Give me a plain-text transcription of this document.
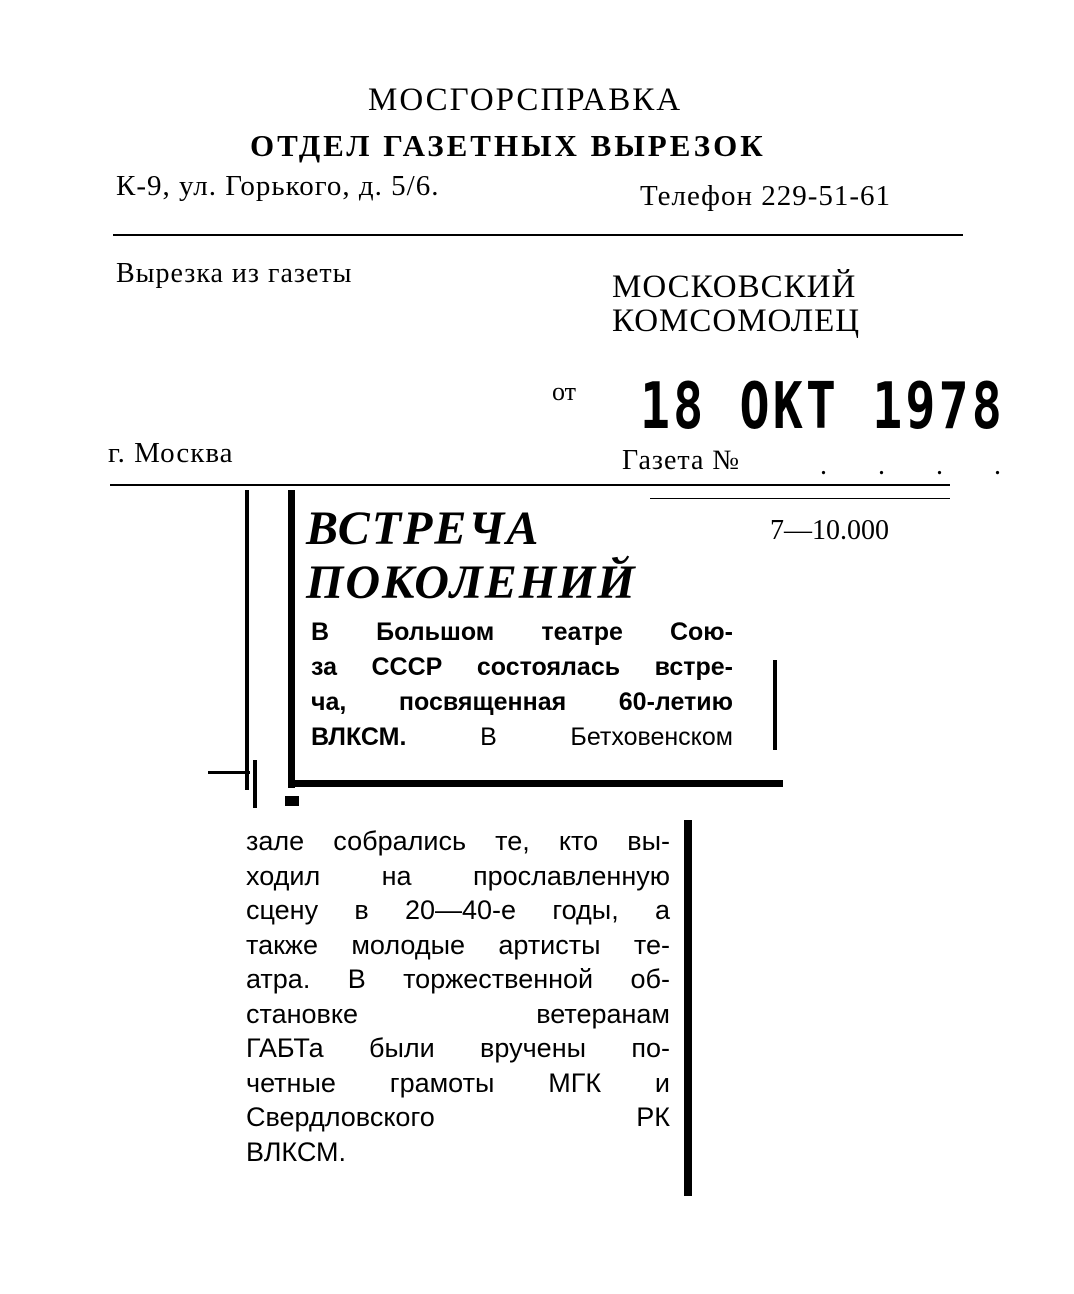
МОСГОРСПРАВКА
ОТДЕЛ ГАЗЕТНЫХ ВЫРЕЗОК
К-9, ул. Горького, д. 5/6.	Телефон 229-51-61
Вырезка из газеты	МОСКОВСКИЙ
КОМСОМОЛЕЦ
от 18 ОКТ 1978
г. Москва	Газета №	. . . .
ВСТРЕЧА
ПОКОЛЕНИЙ
7—10.000
В Большом театре Сою-
за СССР состоялась встре-
ча, посвященная 60-летию
ВЛКСМ.	В Бетховенском
зале собрались те, кто вы-
ходил на прославленную
сцену в 20—40-е годы, а
также молодые артисты те-
атра. В торжественной об-
становке ветеранам
ГАБТа были вручены по-
четные грамоты МГК и
Свердловского РК
ВЛКСМ.
